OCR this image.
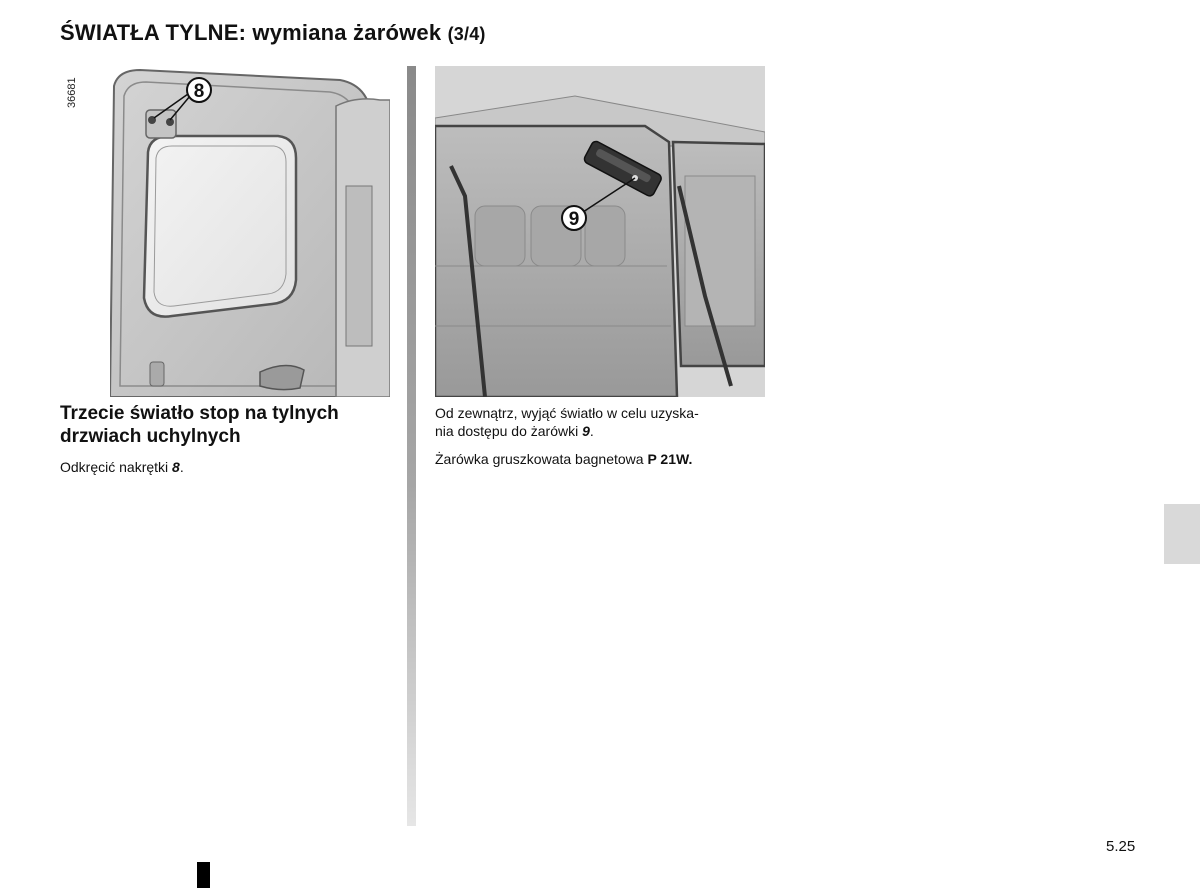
ŚWIATŁA TYLNE: wymiana żarówek (3/4)
36681	8
9
Trzecie światło stop na tylnych drzwiach uchylnych
Odkręcić nakrętki 8.
Od zewnątrz, wyjąć światło w celu uzyska-
nia dostępu do żarówki 9.
Żarówka gruszkowata bagnetowa P 21W.
5.25
